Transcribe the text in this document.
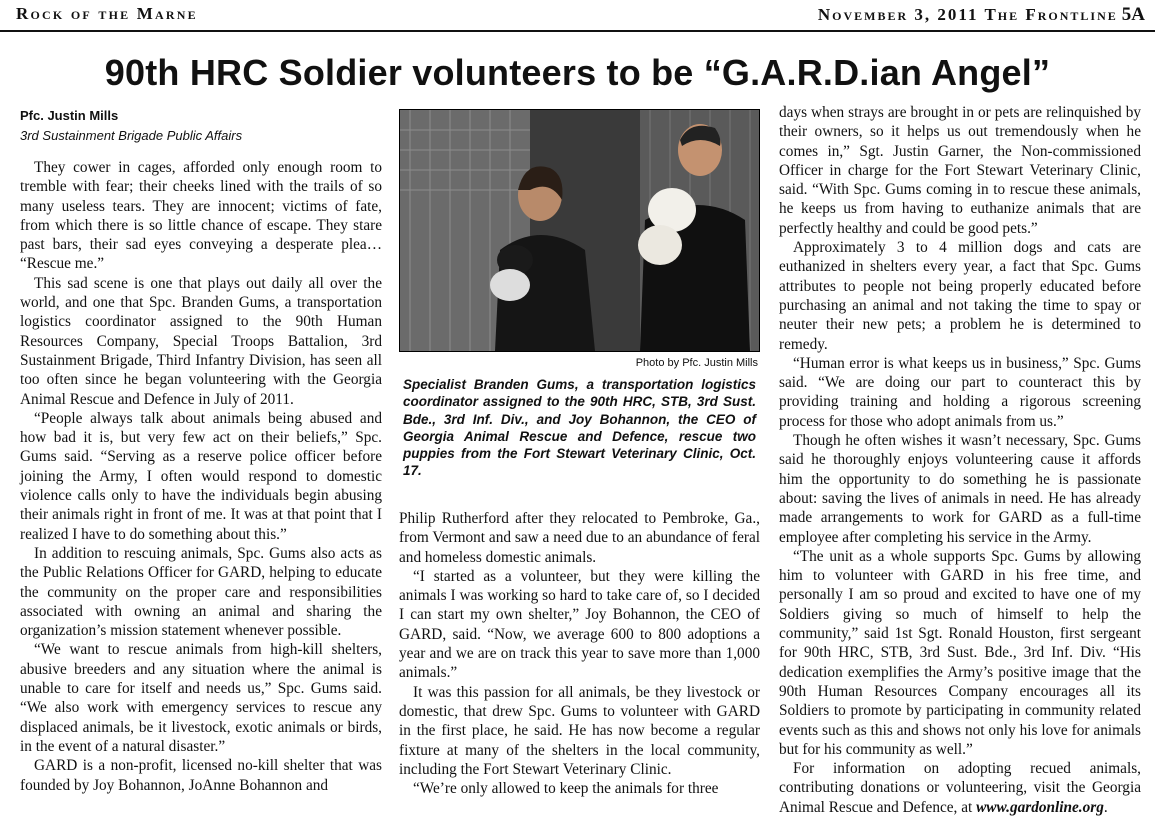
Rock of the Marne	November 3, 2011 The Frontline 5A
90th HRC Soldier volunteers to be “G.A.R.D.ian Angel”
Pfc. Justin Mills
3rd Sustainment Brigade Public Affairs

They cower in cages, afforded only enough room to tremble with fear; their cheeks lined with the trails of so many useless tears. They are innocent; victims of fate, from which there is so little chance of escape. They stare past bars, their sad eyes conveying a desperate plea… “Rescue me.”

This sad scene is one that plays out daily all over the world, and one that Spc. Branden Gums, a transportation logistics coordinator assigned to the 90th Human Resources Company, Special Troops Battalion, 3rd Sustainment Brigade, Third Infantry Division, has seen all too often since he began volunteering with the Georgia Animal Rescue and Defence in July of 2011.

“People always talk about animals being abused and how bad it is, but very few act on their beliefs,” Spc. Gums said. “Serving as a reserve police officer before joining the Army, I often would respond to domestic violence calls only to have the individuals begin abusing their animals right in front of me. It was at that point that I realized I have to do something about this.”

In addition to rescuing animals, Spc. Gums also acts as the Public Relations Officer for GARD, helping to educate the community on the proper care and responsibilities associated with owning an animal and sharing the organization’s mission statement whenever possible.

“We want to rescue animals from high-kill shelters, abusive breeders and any situation where the animal is unable to care for itself and needs us,” Spc. Gums said. “We also work with emergency services to rescue any displaced animals, be it livestock, exotic animals or birds, in the event of a natural disaster.”

GARD is a non-profit, licensed no-kill shelter that was founded by Joy Bohannon, JoAnne Bohannon and

Photo by Pfc. Justin Mills
Specialist Branden Gums, a transportation logistics coordinator assigned to the 90th HRC, STB, 3rd Sust. Bde., 3rd Inf. Div., and Joy Bohannon, the CEO of Georgia Animal Rescue and Defence, rescue two puppies from the Fort Stewart Veterinary Clinic, Oct. 17.

Philip Rutherford after they relocated to Pembroke, Ga., from Vermont and saw a need due to an abundance of feral and homeless domestic animals.

“I started as a volunteer, but they were killing the animals I was working so hard to take care of, so I decided I can start my own shelter,” Joy Bohannon, the CEO of GARD, said. “Now, we average 600 to 800 adoptions a year and we are on track this year to save more than 1,000 animals.”

It was this passion for all animals, be they livestock or domestic, that drew Spc. Gums to volunteer with GARD in the first place, he said. He has now become a regular fixture at many of the shelters in the local community, including the Fort Stewart Veterinary Clinic.

“We’re only allowed to keep the animals for three

days when strays are brought in or pets are relinquished by their owners, so it helps us out tremendously when he comes in,” Sgt. Justin Garner, the Non-commissioned Officer in charge for the Fort Stewart Veterinary Clinic, said. “With Spc. Gums coming in to rescue these animals, he keeps us from having to euthanize animals that are perfectly healthy and could be good pets.”

Approximately 3 to 4 million dogs and cats are euthanized in shelters every year, a fact that Spc. Gums attributes to people not being properly educated before purchasing an animal and not taking the time to spay or neuter their new pets; a problem he is determined to remedy.

“Human error is what keeps us in business,” Spc. Gums said. “We are doing our part to counteract this by providing training and holding a rigorous screening process for those who adopt animals from us.”

Though he often wishes it wasn’t necessary, Spc. Gums said he thoroughly enjoys volunteering cause it affords him the opportunity to do something he is passionate about: saving the lives of animals in need. He has already made arrangements to work for GARD as a full-time employee after completing his service in the Army.

“The unit as a whole supports Spc. Gums by allowing him to volunteer with GARD in his free time, and personally I am so proud and excited to have one of my Soldiers giving so much of himself to help the community,” said 1st Sgt. Ronald Houston, first sergeant for 90th HRC, STB, 3rd Sust. Bde., 3rd Inf. Div. “His dedication exemplifies the Army’s positive image that the 90th Human Resources Company encourages all its Soldiers to promote by participating in community related events such as this and shows not only his love for animals but for his community as well.”

For information on adopting recued animals, contributing donations or volunteering, visit the Georgia Animal Rescue and Defence, at www.gardonline.org.
